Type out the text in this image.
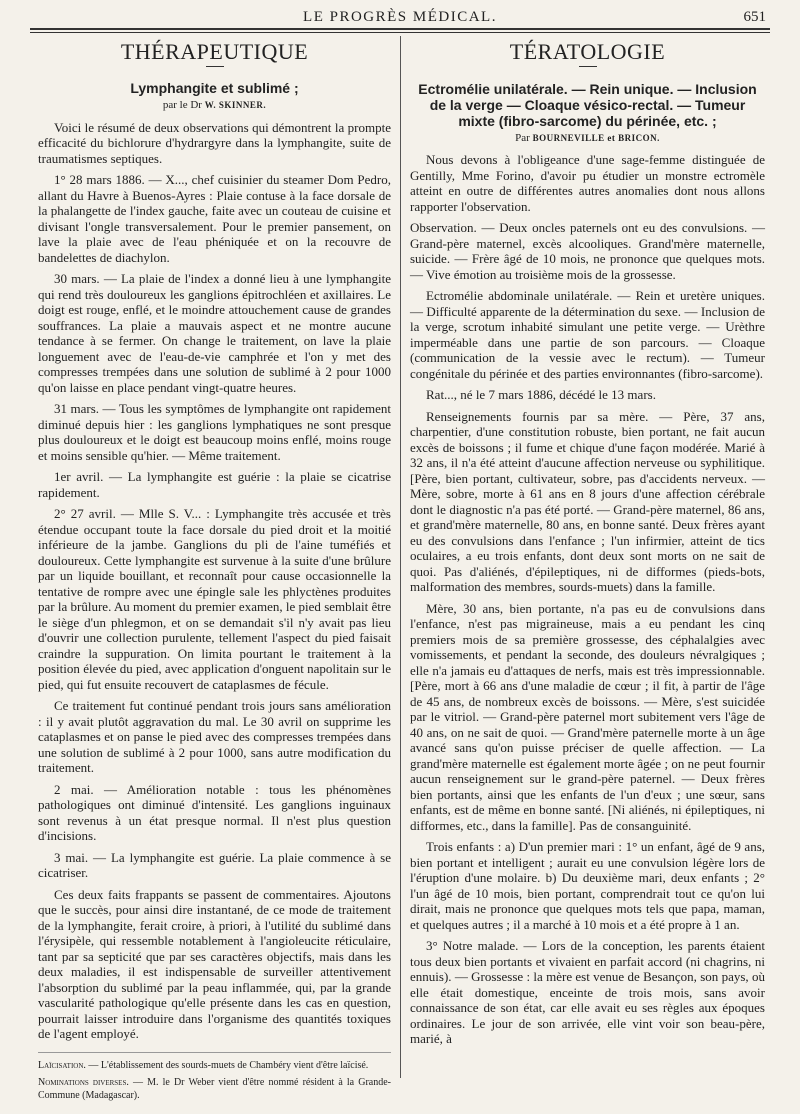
LE PROGRÈS MÉDICAL.	651
THÉRAPEUTIQUE
Lymphangite et sublimé ;
par le Dr W. SKINNER.

Voici le résumé de deux observations qui démontrent la prompte efficacité du bichlorure d'hydrargyre dans la lymphangite, suite de traumatismes septiques.

1° 28 mars 1886. — X..., chef cuisinier du steamer Dom Pedro, allant du Havre à Buenos-Ayres : Plaie contuse à la face dorsale de la phalangette de l'index gauche, faite avec un couteau de cuisine et divisant l'ongle transversalement. Pour le premier pansement, on lave la plaie avec de l'eau phéniquée et on la recouvre de bandelettes de diachylon.

30 mars. — La plaie de l'index a donné lieu à une lymphangite qui rend très douloureux les ganglions épitrochléen et axillaires. Le doigt est rouge, enflé, et le moindre attouchement cause de grandes souffrances. La plaie a mauvais aspect et ne montre aucune tendance à se fermer. On change le traitement, on lave la plaie longuement avec de l'eau-de-vie camphrée et l'on y met des compresses trempées dans une solution de sublimé à 2 pour 1000 qu'on laisse en place pendant vingt-quatre heures.

31 mars. — Tous les symptômes de lymphangite ont rapidement diminué depuis hier : les ganglions lymphatiques ne sont presque plus douloureux et le doigt est beaucoup moins enflé, moins rouge et moins sensible qu'hier. — Même traitement.

1er avril. — La lymphangite est guérie : la plaie se cicatrise rapidement.

2° 27 avril. — Mlle S. V... : Lymphangite très accusée et très étendue occupant toute la face dorsale du pied droit et la moitié inférieure de la jambe. Ganglions du pli de l'aine tuméfiés et douloureux. Cette lymphangite est survenue à la suite d'une brûlure par un liquide bouillant, et reconnaît pour cause occasionnelle la tentative de rompre avec une épingle sale les phlyctènes produites par la brûlure. Au moment du premier examen, le pied semblait être le siège d'un phlegmon, et on se demandait s'il n'y avait pas lieu d'ouvrir une collection purulente, tellement l'aspect du pied faisait craindre la suppuration. On limita pourtant le traitement à la position élevée du pied, avec application d'onguent napolitain sur le pied, qui fut ensuite recouvert de cataplasmes de fécule.

Ce traitement fut continué pendant trois jours sans amélioration : il y avait plutôt aggravation du mal. Le 30 avril on supprime les cataplasmes et on panse le pied avec des compresses trempées dans une solution de sublimé à 2 pour 1000, sans autre modification du traitement.

2 mai. — Amélioration notable : tous les phénomènes pathologiques ont diminué d'intensité. Les ganglions inguinaux sont revenus à un état presque normal. Il n'est plus question d'incisions.

3 mai. — La lymphangite est guérie. La plaie commence à se cicatriser.

Ces deux faits frappants se passent de commentaires. Ajoutons que le succès, pour ainsi dire instantané, de ce mode de traitement de la lymphangite, ferait croire, à priori, à l'utilité du sublimé dans l'érysipèle, qui ressemble notablement à l'angioleucite réticulaire, tant par sa septicité que par ses caractères objectifs, mais dans les deux maladies, il est indispensable de surveiller attentivement l'absorption du sublimé par la peau inflammée, qui, par la grande vascularité pathologique qu'elle présente dans les cas en question, pourrait laisser introduire dans l'organisme des quantités toxiques de l'agent employé.

Laïcisation. — L'établissement des sourds-muets de Chambéry vient d'être laïcisé.

Nominations diverses. — M. le Dr Weber vient d'être nommé résident à la Grande-Commune (Madagascar).

TÉRATOLOGIE
Ectromélie unilatérale. — Rein unique. — Inclusion de la verge — Cloaque vésico-rectal. — Tumeur mixte (fibro-sarcome) du périnée, etc. ;
Par BOURNEVILLE et BRICON.

Nous devons à l'obligeance d'une sage-femme distinguée de Gentilly, Mme Forino, d'avoir pu étudier un monstre ectromèle atteint en outre de différentes autres anomalies dont nous allons rapporter l'observation.

Observation. — Deux oncles paternels ont eu des convulsions. — Grand-père maternel, excès alcooliques. Grand'mère maternelle, suicide. — Frère âgé de 10 mois, ne prononce que quelques mots. — Vive émotion au troisième mois de la grossesse.

Ectromélie abdominale unilatérale. — Rein et uretère uniques. — Difficulté apparente de la détermination du sexe. — Inclusion de la verge, scrotum inhabité simulant une petite verge. — Urèthre imperméable dans une partie de son parcours. — Cloaque (communication de la vessie avec le rectum). — Tumeur congénitale du périnée et des parties environnantes (fibro-sarcome).

Rat..., né le 7 mars 1886, décédé le 13 mars.

Renseignements fournis par sa mère. — Père, 37 ans, charpentier, d'une constitution robuste, bien portant, ne fait aucun excès de boissons ; il fume et chique d'une façon modérée. Marié à 32 ans, il n'a été atteint d'aucune affection nerveuse ou syphilitique. [Père, bien portant, cultivateur, sobre, pas d'accidents nerveux. — Mère, sobre, morte à 61 ans en 8 jours d'une affection cérébrale dont le diagnostic n'a pas été porté. — Grand-père maternel, 86 ans, et grand'mère maternelle, 80 ans, en bonne santé. Deux frères ayant eu des convulsions dans l'enfance ; l'un infirmier, atteint de tics oculaires, a eu trois enfants, dont deux sont morts on ne sait de quoi. Pas d'aliénés, d'épileptiques, ni de difformes (pieds-bots, malformation des membres, sourds-muets) dans la famille.

Mère, 30 ans, bien portante, n'a pas eu de convulsions dans l'enfance, n'est pas migraineuse, mais a eu pendant les cinq premiers mois de sa première grossesse, des céphalalgies avec vomissements, et pendant la seconde, des douleurs névralgiques ; elle n'a jamais eu d'attaques de nerfs, mais est très impressionnable. [Père, mort à 66 ans d'une maladie de cœur ; il fit, à partir de l'âge de 45 ans, de nombreux excès de boissons. — Mère, s'est suicidée par le vitriol. — Grand-père paternel mort subitement vers l'âge de 40 ans, on ne sait de quoi. — Grand'mère paternelle morte à un âge avancé sans qu'on puisse préciser de quelle affection. — La grand'mère maternelle est également morte âgée ; on ne peut fournir aucun renseignement sur le grand-père paternel. — Deux frères bien portants, ainsi que les enfants de l'un d'eux ; une sœur, sans enfants, est de même en bonne santé. [Ni aliénés, ni épileptiques, ni difformes, etc., dans la famille]. Pas de consanguinité.

Trois enfants : a) D'un premier mari : 1° un enfant, âgé de 9 ans, bien portant et intelligent ; aurait eu une convulsion légère lors de l'éruption d'une molaire. b) Du deuxième mari, deux enfants ; 2° l'un âgé de 10 mois, bien portant, comprendrait tout ce qu'on lui dirait, mais ne prononce que quelques mots tels que papa, maman, et quelques autres ; il a marché à 10 mois et a été propre à 1 an.

3° Notre malade. — Lors de la conception, les parents étaient tous deux bien portants et vivaient en parfait accord (ni chagrins, ni ennuis). — Grossesse : la mère est venue de Besançon, son pays, où elle était domestique, enceinte de trois mois, sans avoir connaissance de son état, car elle avait eu ses règles aux époques ordinaires. Le jour de son arrivée, elle vint voir son beau-père, marié, à
